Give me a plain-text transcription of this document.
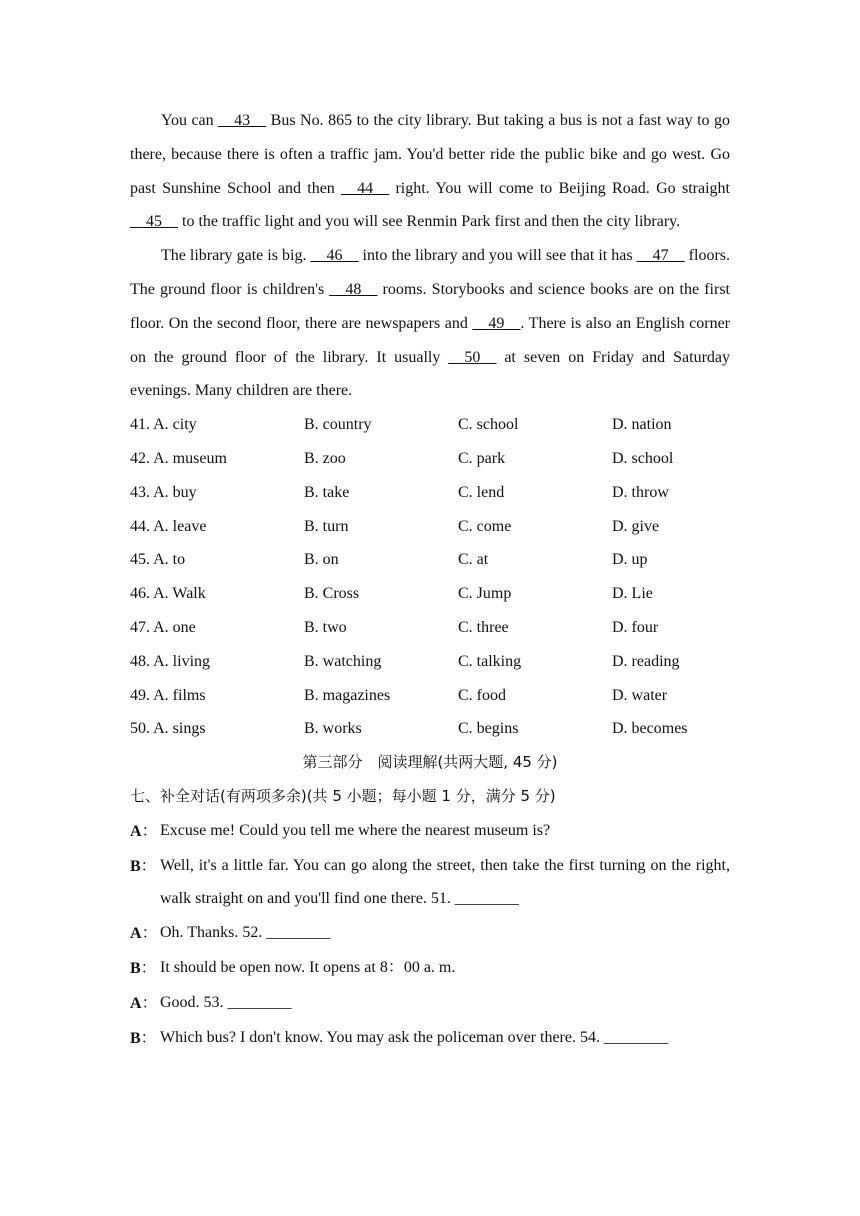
You can __43__ Bus No. 865 to the city library. But taking a bus is not a fast way to go there, because there is often a traffic jam. You'd better ride the public bike and go west. Go past Sunshine School and then __44__ right. You will come to Beijing Road. Go straight __45__ to the traffic light and you will see Renmin Park first and then the city library.

The library gate is big. __46__ into the library and you will see that it has __47__ floors. The ground floor is children's __48__ rooms. Storybooks and science books are on the first floor. On the second floor, there are newspapers and __49__. There is also an English corner on the ground floor of the library. It usually __50__ at seven on Friday and Saturday evenings. Many children are there.

41. A. city	B. country	C. school	D. nation
42. A. museum	B. zoo	C. park	D. school
43. A. buy	B. take	C. lend	D. throw
44. A. leave	B. turn	C. come	D. give
45. A. to	B. on	C. at	D. up
46. A. Walk	B. Cross	C. Jump	D. Lie
47. A. one	B. two	C. three	D. four
48. A. living	B. watching	C. talking	D. reading
49. A. films	B. magazines	C. food	D. water
50. A. sings	B. works	C. begins	D. becomes
第三部分　阅读理解(共两大题, 45 分)
七、补全对话(有两项多余)(共 5 小题；每小题 1 分，满分 5 分)
A： Excuse me! Could you tell me where the nearest museum is?
B： Well, it's a little far. You can go along the street, then take the first turning on the right, walk straight on and you'll find one there. 51. ________
A： Oh. Thanks. 52. ________
B： It should be open now. It opens at 8：00 a. m.
A： Good. 53. ________
B： Which bus? I don't know. You may ask the policeman over there. 54. ________
